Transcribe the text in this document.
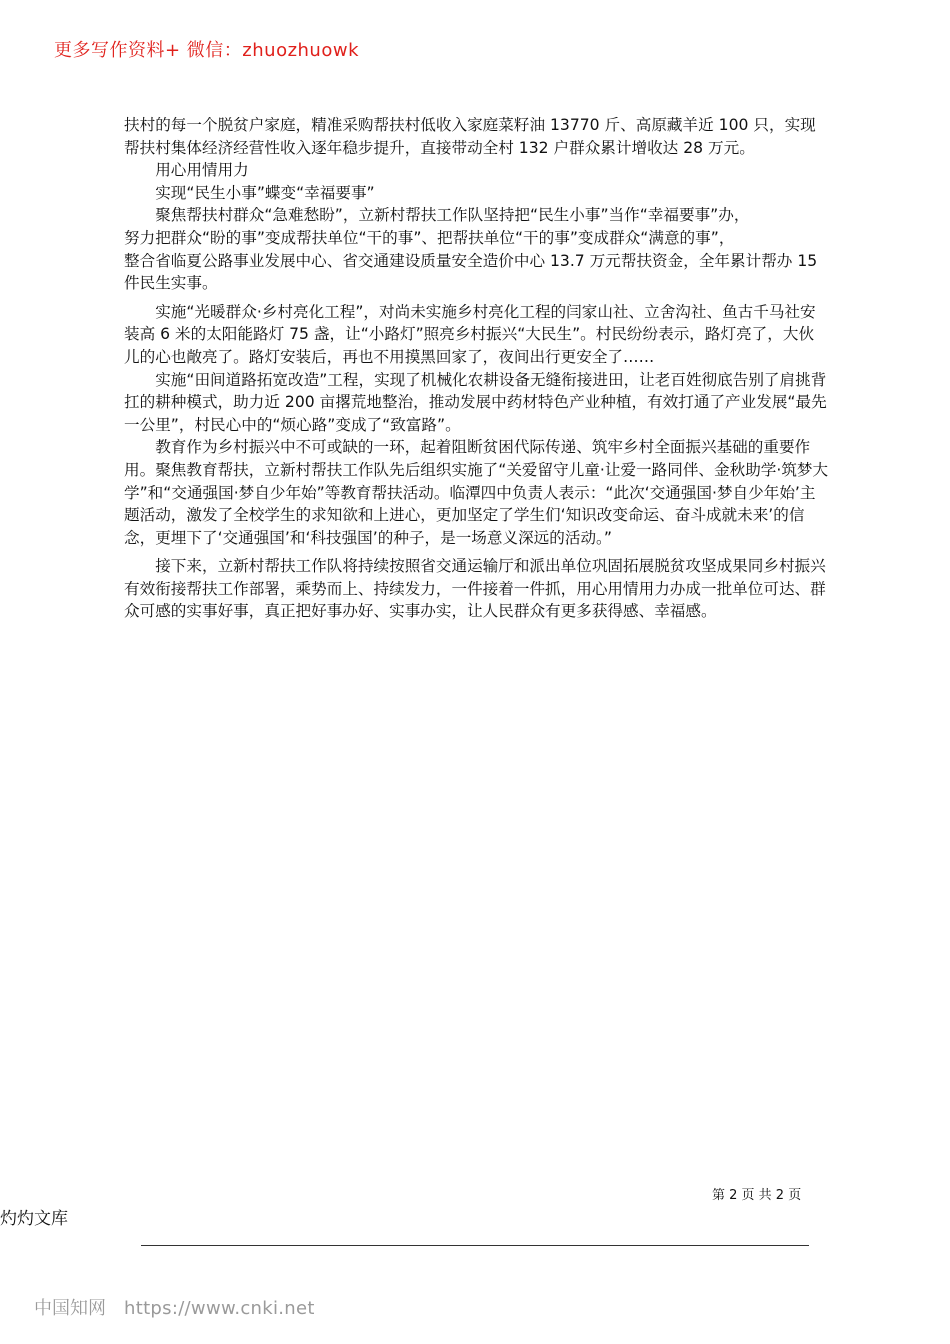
更多写作资料+ 微信：zhuozhuowk

扶村的每一个脱贫户家庭，精准采购帮扶村低收入家庭菜籽油 13770 斤、高原藏羊近 100 只，实现帮扶村集体经济经营性收入逐年稳步提升，直接带动全村 132 户群众累计增收达 28 万元。

用心用情用力

实现“民生小事”蝶变“幸福要事”

聚焦帮扶村群众“急难愁盼”，立新村帮扶工作队坚持把“民生小事”当作“幸福要事”办，

努力把群众“盼的事”变成帮扶单位“干的事”、把帮扶单位“干的事”变成群众“满意的事”，

整合省临夏公路事业发展中心、省交通建设质量安全造价中心 13.7 万元帮扶资金，全年累计帮办 15 件民生实事。

实施“光暖群众·乡村亮化工程”，对尚未实施乡村亮化工程的闫家山社、立舍沟社、鱼古千马社安装高 6 米的太阳能路灯 75 盏，让“小路灯”照亮乡村振兴“大民生”。村民纷纷表示，路灯亮了，大伙儿的心也敞亮了。路灯安装后，再也不用摸黑回家了，夜间出行更安全了……

实施“田间道路拓宽改造”工程，实现了机械化农耕设备无缝衔接进田，让老百姓彻底告别了肩挑背扛的耕种模式，助力近 200 亩撂荒地整治，推动发展中药材特色产业种植，有效打通了产业发展“最先一公里”，村民心中的“烦心路”变成了“致富路”。

教育作为乡村振兴中不可或缺的一环，起着阻断贫困代际传递、筑牢乡村全面振兴基础的重要作用。聚焦教育帮扶，立新村帮扶工作队先后组织实施了“关爱留守儿童·让爱一路同伴、金秋助学·筑梦大学”和“交通强国·梦自少年始”等教育帮扶活动。临潭四中负责人表示：“此次‘交通强国·梦自少年始’主题活动，激发了全校学生的求知欲和上进心，更加坚定了学生们‘知识改变命运、奋斗成就未来’的信念，更埋下了‘交通强国’和‘科技强国’的种子，是一场意义深远的活动。”

接下来，立新村帮扶工作队将持续按照省交通运输厅和派出单位巩固拓展脱贫攻坚成果同乡村振兴有效衔接帮扶工作部署，乘势而上、持续发力，一件接着一件抓，用心用情用力办成一批单位可达、群众可感的实事好事，真正把好事办好、实事办实，让人民群众有更多获得感、幸福感。

第 2 页 共 2 页
灼灼文库
中国知网 https://www.cnki.net
